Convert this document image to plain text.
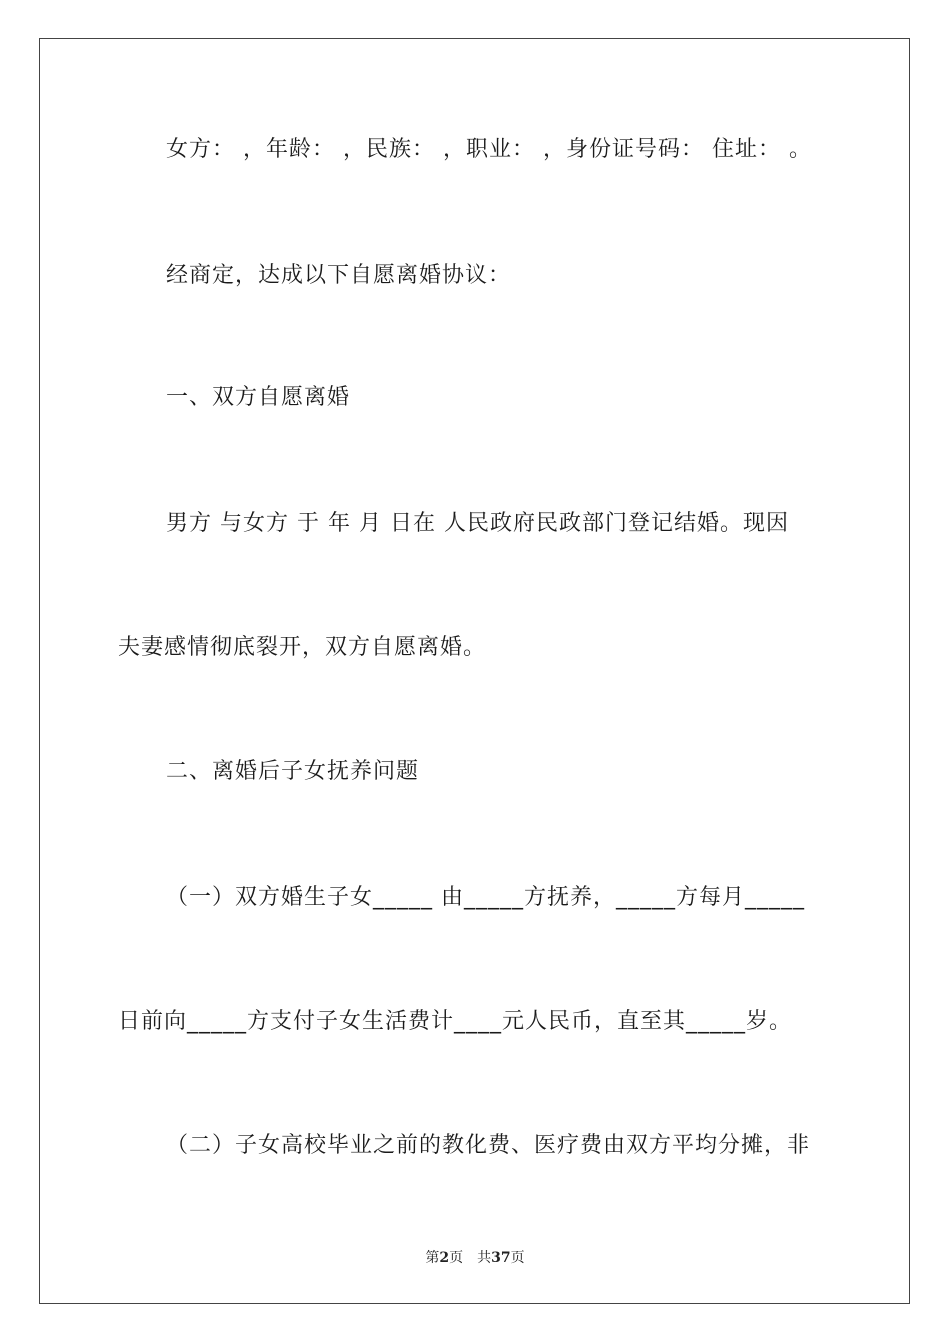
女方： ，年龄： ，民族： ，职业： ，身份证号码： 住址： 。
经商定，达成以下自愿离婚协议：
一、双方自愿离婚
男方 与女方 于 年 月 日在 人民政府民政部门登记结婚。现因
夫妻感情彻底裂开，双方自愿离婚。
二、离婚后子女抚养问题
（一）双方婚生子女_____ 由_____方抚养，_____方每月_____
日前向_____方支付子女生活费计____元人民币，直至其_____岁。
（二）子女高校毕业之前的教化费、医疗费由双方平均分摊，非
第2页 共37页
